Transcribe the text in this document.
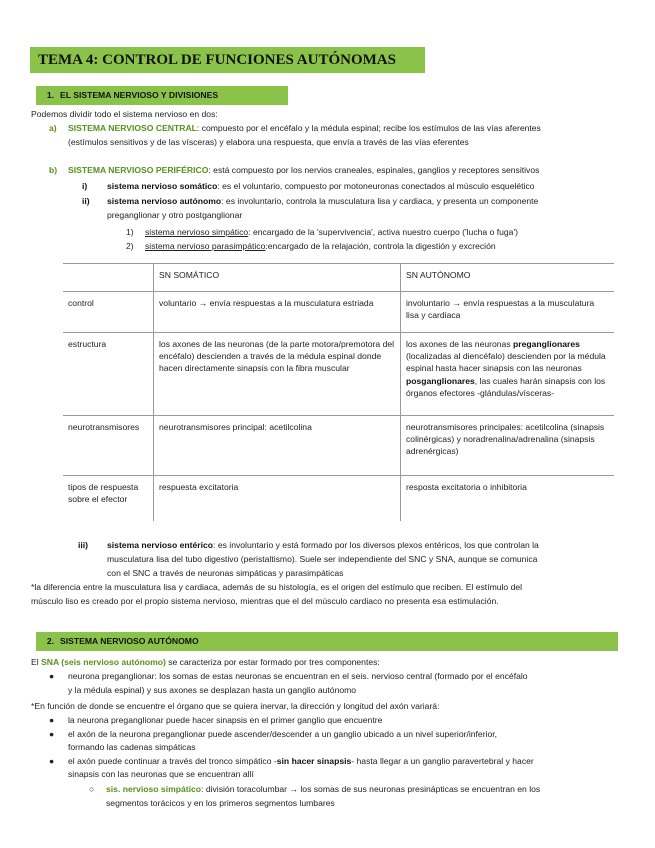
TEMA 4: CONTROL DE FUNCIONES AUTÓNOMAS
1. EL SISTEMA NERVIOSO Y DIVISIONES
Podemos dividir todo el sistema nervioso en dos:
a) SISTEMA NERVIOSO CENTRAL: compuesto por el encéfalo y la médula espinal; recibe los estímulos de las vías aferentes
(estímulos sensitivos y de las vísceras) y elabora una respuesta, que envía a través de las vías eferentes
b) SISTEMA NERVIOSO PERIFÉRICO: está compuesto por los nervios craneales, espinales, ganglios y receptores sensitivos
i) sistema nervioso somático: es el voluntario, compuesto por motoneuronas conectados al músculo esquelético
ii) sistema nervioso autónomo: es involuntario, controla la musculatura lisa y cardiaca, y presenta un componente
preganglionar y otro postganglionar
1) sistema nervioso simpático: encargado de la 'supervivencia', activa nuestro cuerpo ('lucha o fuga')
2) sistema nervioso parasimpático:encargado de la relajación, controla la digestión y excreción
	SN SOMÁTICO	SN AUTÓNOMO
control	voluntario → envía respuestas a la musculatura estriada	involuntario → envía respuestas a la musculatura lisa y cardiaca
estructura	los axones de las neuronas (de la parte motora/premotora del encéfalo) descienden a través de la médula espinal donde hacen directamente sinapsis con la fibra muscular	los axones de las neuronas preganglionares (localizadas al diencéfalo) descienden por la médula espinal hasta hacer sinapsis con las neuronas posganglionares, las cuales harán sinapsis con los órganos efectores -glándulas/vísceras-
neurotransmisores	neurotransmisores principal: acetilcolina	neurotransmisores principales: acetilcolina (sinapsis colinérgicas) y noradrenalina/adrenalina (sinapsis adrenérgicas)
tipos de respuesta sobre el efector	respuesta excitatoria	resposta excitatoria o inhibitoria
iii) sistema nervioso entérico: es involuntario y está formado por los diversos plexos entéricos, los que controlan la
musculatura lisa del tubo digestivo (peristaltismo). Suele ser independiente del SNC y SNA, aunque se comunica
con el SNC a través de neuronas simpáticas y parasimpáticas
*la diferencia entre la musculatura lisa y cardiaca, además de su histología, es el origen del estímulo que reciben. El estímulo del
músculo liso es creado por el propio sistema nervioso, mientras que el del músculo cardiaco no presenta esa estimulación.
2. SISTEMA NERVIOSO AUTÓNOMO
El SNA (seis nervioso autónomo) se caracteriza por estar formado por tres componentes:
● neurona preganglionar: los somas de estas neuronas se encuentran en el seis. nervioso central (formado por el encéfalo
y la médula espinal) y sus axones se desplazan hasta un ganglio autónomo
*En función de donde se encuentre el órgano que se quiera inervar, la dirección y longitud del axón variará:
● la neurona preganglionar puede hacer sinapsis en el primer ganglio que encuentre
● el axón de la neurona preganglionar puede ascender/descender a un ganglio ubicado a un nivel superior/inferior,
formando las cadenas simpáticas
● el axón puede continuar a través del tronco simpático -sin hacer sinapsis- hasta llegar a un ganglio paravertebral y hacer
sinapsis con las neuronas que se encuentran allí
○ sis. nervioso simpático: división toracolumbar → los somas de sus neuronas presinápticas se encuentran en los
segmentos torácicos y en los primeros segmentos lumbares
